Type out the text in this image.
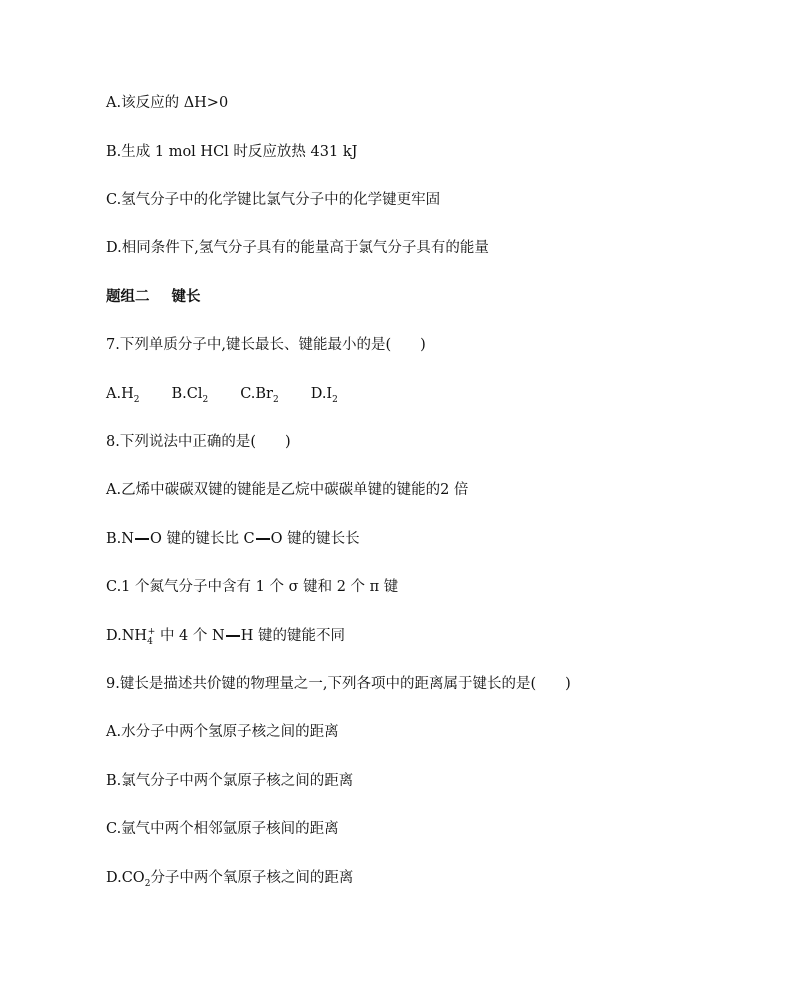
A.该反应的 ΔH>0

B.生成 1 mol HCl 时反应放热 431 kJ

C.氢气分子中的化学键比氯气分子中的化学键更牢固

D.相同条件下,氢气分子具有的能量高于氯气分子具有的能量

题组二 键长

7.下列单质分子中,键长最长、键能最小的是(　　)

$A.H_2$ $B.Cl_2$ $C.Br_2$ $D.I_2$

8.下列说法中正确的是(　　)

A.乙烯中碳碳双键的键能是乙烷中碳碳单键的键能的2 倍

B.N O 键的键长比 C O 键的键长长

C.1 个氮气分子中含有 1 个 σ 键和 2 个 π 键

$D.NH_4^+$ 中 4 个 N H 键的键能不同

9.键长是描述共价键的物理量之一,下列各项中的距离属于键长的是(　　)

A.水分子中两个氢原子核之间的距离

B.氯气分子中两个氯原子核之间的距离

C.氩气中两个相邻氩原子核间的距离

$D.CO_2$分子中两个氧原子核之间的距离
